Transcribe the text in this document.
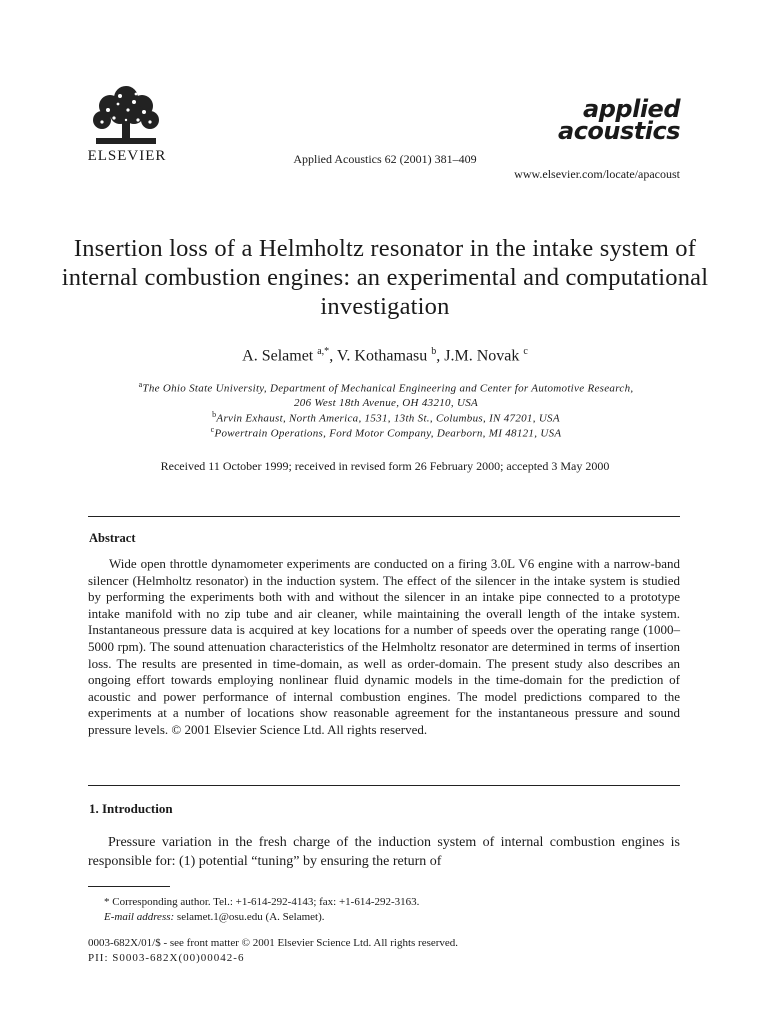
ELSEVIER	Applied Acoustics 62 (2001) 381–409
applied
acoustics
www.elsevier.com/locate/apacoust
Insertion loss of a Helmholtz resonator in the intake system of internal combustion engines: an experimental and computational investigation
A. Selamet $^{a,*}$, V. Kothamasu $^b$, J.M. Novak $^c$
$^a$The Ohio State University, Department of Mechanical Engineering and Center for Automotive Research,
206 West 18th Avenue, OH 43210, USA
$^b$Arvin Exhaust, North America, 1531, 13th St., Columbus, IN 47201, USA
$^c$Powertrain Operations, Ford Motor Company, Dearborn, MI 48121, USA
Received 11 October 1999; received in revised form 26 February 2000; accepted 3 May 2000
Abstract

Wide open throttle dynamometer experiments are conducted on a firing 3.0L V6 engine with a narrow-band silencer (Helmholtz resonator) in the induction system. The effect of the silencer in the intake system is studied by performing the experiments both with and without the silencer in an intake pipe connected to a prototype intake manifold with no zip tube and air cleaner, while maintaining the overall length of the intake system. Instantaneous pressure data is acquired at key locations for a number of speeds over the operating range (1000–5000 rpm). The sound attenuation characteristics of the Helmholtz resonator are determined in terms of insertion loss. The results are presented in time-domain, as well as order-domain. The present study also describes an ongoing effort towards employing nonlinear fluid dynamic models in the time-domain for the prediction of acoustic and power performance of internal combustion engines. The model predictions compared to the experiments at a number of locations show reasonable agreement for the instantaneous pressure and sound pressure levels. © 2001 Elsevier Science Ltd. All rights reserved.

1. Introduction

Pressure variation in the fresh charge of the induction system of internal combustion engines is responsible for: (1) potential “tuning” by ensuring the return of

* Corresponding author. Tel.: +1-614-292-4143; fax: +1-614-292-3163.
E-mail address: selamet.1@osu.edu (A. Selamet).
0003-682X/01/$ - see front matter © 2001 Elsevier Science Ltd. All rights reserved.
PII: S0003-682X(00)00042-6
